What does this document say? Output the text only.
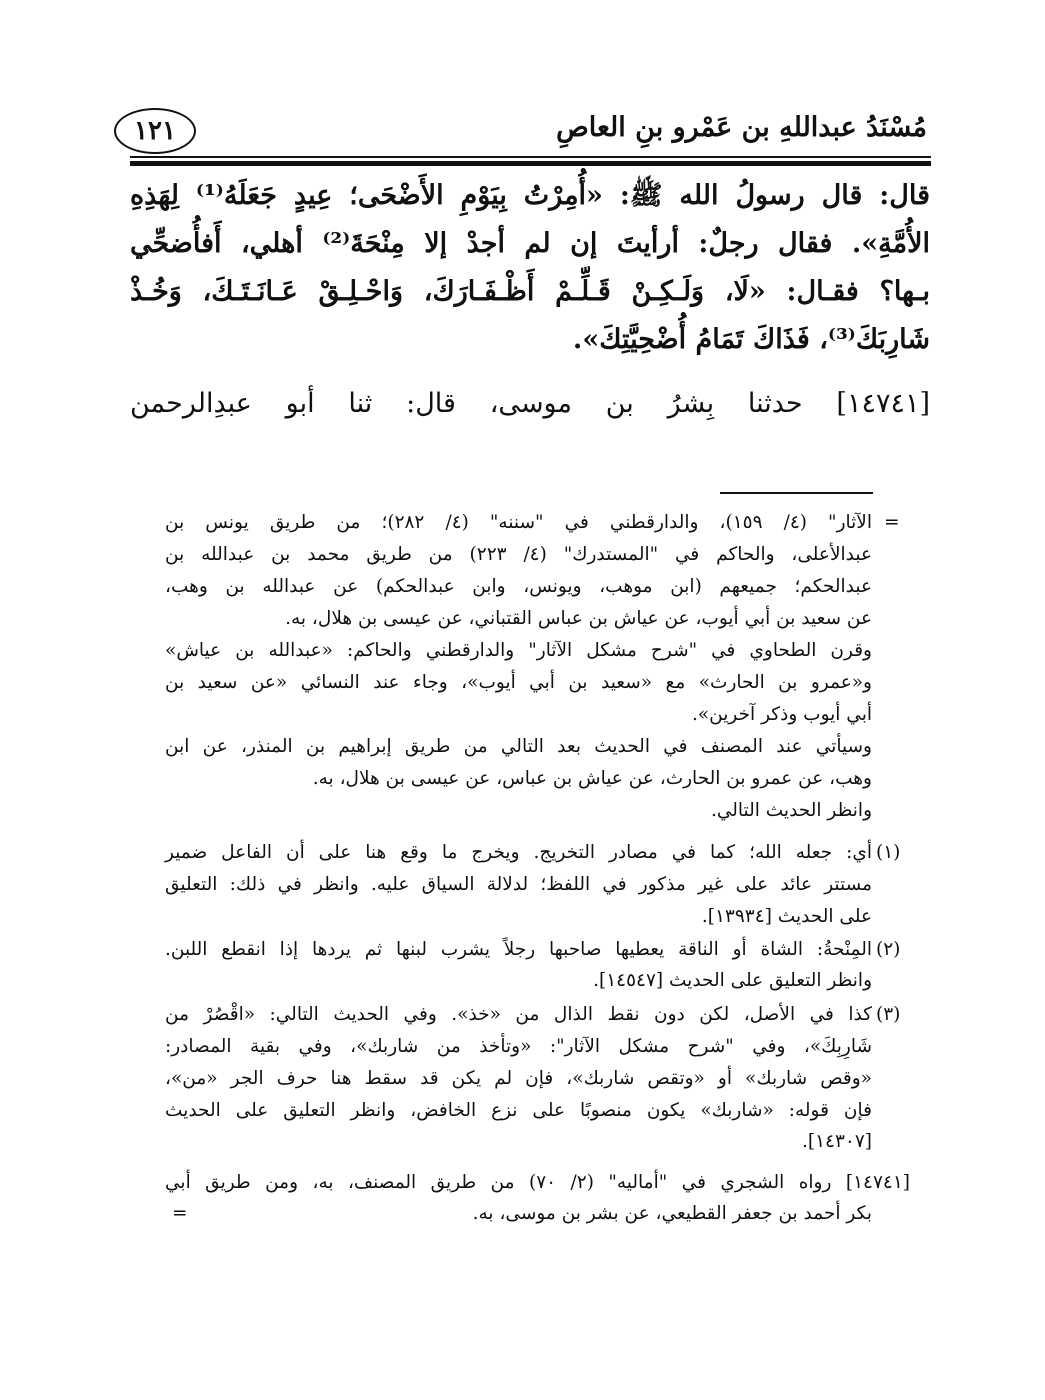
مُسْنَدُ عبداللهِ بن عَمْرو بنِ العاصِ
١٢١
قال: قال رسولُ الله ﷺ: «أُمِرْتُ بِيَوْمِ الأَضْحَى؛ عِيدٍ جَعَلَهُ⁽¹⁾ لِهَذِهِ
الأُمَّةِ». فقال رجلٌ: أرأيتَ إن لم أجدْ إلا مِنْحَةَ⁽²⁾ أهلي، أَفأُضحِّي
بـها؟ فقـال: «لَا، وَلَـكِـنْ قَـلِّـمْ أَظْـفَـارَكَ، وَاحْـلِـقْ عَـانَـتَـكَ، وَخُـذْ
شَارِبَكَ⁽³⁾، فَذَاكَ تَمَامُ أُضْحِيَّتِكَ».
[١٤٧٤١] حدثنا بِشرُ بن موسى، قال: ثنا أبو عبدِالرحمن
=
الآثار" (٤/ ١٥٩)، والدارقطني في "سننه" (٤/ ٢٨٢)؛ من طريق يونس بن
عبدالأعلى، والحاكم في "المستدرك" (٤/ ٢٢٣) من طريق محمد بن عبدالله بن
عبدالحكم؛ جميعهم (ابن موهب، ويونس، وابن عبدالحكم) عن عبدالله بن وهب،
عن سعيد بن أبي أيوب، عن عياش بن عباس القتباني، عن عيسى بن هلال، به.
وقرن الطحاوي في "شرح مشكل الآثار" والدارقطني والحاكم: «عبدالله بن عياش»
و«عمرو بن الحارث» مع «سعيد بن أبي أيوب»، وجاء عند النسائي «عن سعيد بن
أبي أيوب وذكر آخرين».
وسيأتي عند المصنف في الحديث بعد التالي من طريق إبراهيم بن المنذر، عن ابن
وهب، عن عمرو بن الحارث، عن عياش بن عباس، عن عيسى بن هلال، به.
وانظر الحديث التالي.
(١)
أي: جعله الله؛ كما في مصادر التخريج. ويخرج ما وقع هنا على أن الفاعل ضمير
مستتر عائد على غير مذكور في اللفظ؛ لدلالة السياق عليه. وانظر في ذلك: التعليق
على الحديث [١٣٩٣٤].
(٢)
المِنْحةُ: الشاة أو الناقة يعطيها صاحبها رجلاً يشرب لبنها ثم يردها إذا انقطع اللبن.
وانظر التعليق على الحديث [١٤٥٤٧].
(٣)
كذا في الأصل، لكن دون نقط الذال من «خذ». وفي الحديث التالي: «اقْصُرْ من
شَارِبِكَ»، وفي "شرح مشكل الآثار": «وتأخذ من شاربك»، وفي بقية المصادر:
«وقص شاربك» أو «وتقص شاربك»، فإن لم يكن قد سقط هنا حرف الجر «من»،
فإن قوله: «شاربك» يكون منصوبًا على نزع الخافض، وانظر التعليق على الحديث
[١٤٣٠٧].
[١٤٧٤١] رواه الشجري في "أماليه" (٢/ ٧٠) من طريق المصنف، به، ومن طريق أبي
بكر أحمد بن جعفر القطيعي، عن بشر بن موسى، به.
=
